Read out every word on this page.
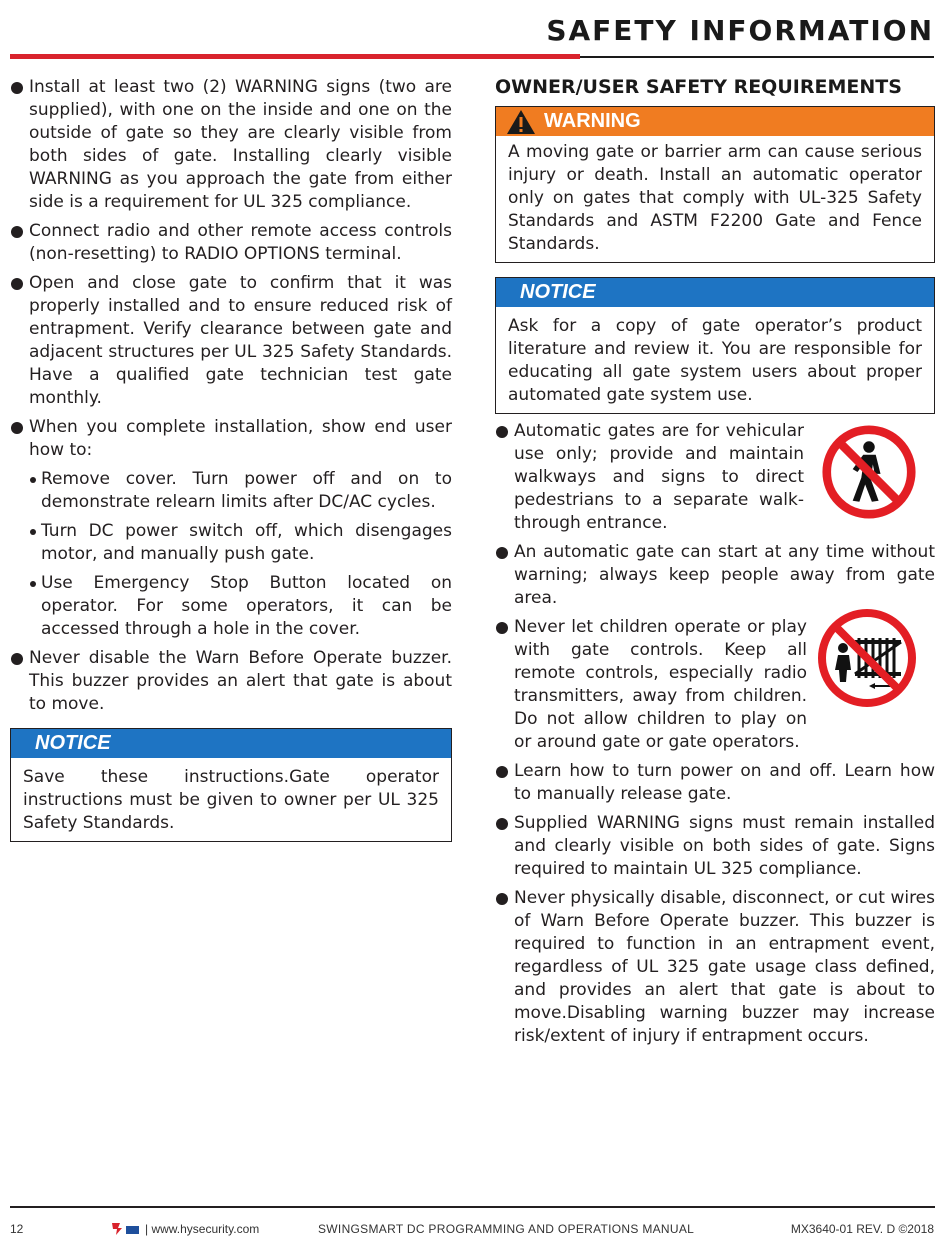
SAFETY INFORMATION

Install at least two (2) WARNING signs (two are supplied), with one on the inside and one on the outside of gate so they are clearly visible from both sides of gate. Installing clearly visible WARNING as you approach the gate from either side is a requirement for UL 325 compliance.

Connect radio and other remote access controls (non-resetting) to RADIO OPTIONS terminal.

Open and close gate to confirm that it was properly installed and to ensure reduced risk of entrapment. Verify clearance between gate and adjacent structures per UL 325 Safety Standards. Have a qualified gate technician test gate monthly.

When you complete installation, show end user how to:

Remove cover. Turn power off and on to demonstrate relearn limits after DC/AC cycles.

Turn DC power switch off, which disengages motor, and manually push gate.

Use Emergency Stop Button located on operator. For some operators, it can be accessed through a hole in the cover.

Never disable the Warn Before Operate buzzer. This buzzer provides an alert that gate is about to move.

NOTICE
Save these instructions.Gate operator instructions must be given to owner per UL 325 Safety Standards.
OWNER/USER SAFETY REQUIREMENTS
WARNING
A moving gate or barrier arm can cause serious injury or death. Install an automatic operator only on gates that comply with UL-325 Safety Standards and ASTM F2200 Gate and Fence Standards.
NOTICE
Ask for a copy of gate operator’s product literature and review it. You are responsible for educating all gate system users about proper automated gate system use.

Automatic gates are for vehicular use only; provide and maintain walkways and signs to direct pedestrians to a separate walk-through entrance.

An automatic gate can start at any time without warning; always keep people away from gate area.

Never let children operate or play with gate controls. Keep all remote controls, especially radio transmitters, away from children. Do not allow children to play on or around gate or gate operators.

Learn how to turn power on and off. Learn how to manually release gate.

Supplied WARNING signs must remain installed and clearly visible on both sides of gate. Signs required to maintain UL 325 compliance.

Never physically disable, disconnect, or cut wires of Warn Before Operate buzzer. This buzzer is required to function in an entrapment event, regardless of UL 325 gate usage class defined, and provides an alert that gate is about to move.Disabling warning buzzer may increase risk/extent of injury if entrapment occurs.

12	| www.hysecurity.com	SWINGSMART DC PROGRAMMING AND OPERATIONS MANUAL	MX3640-01 REV. D ©2018
